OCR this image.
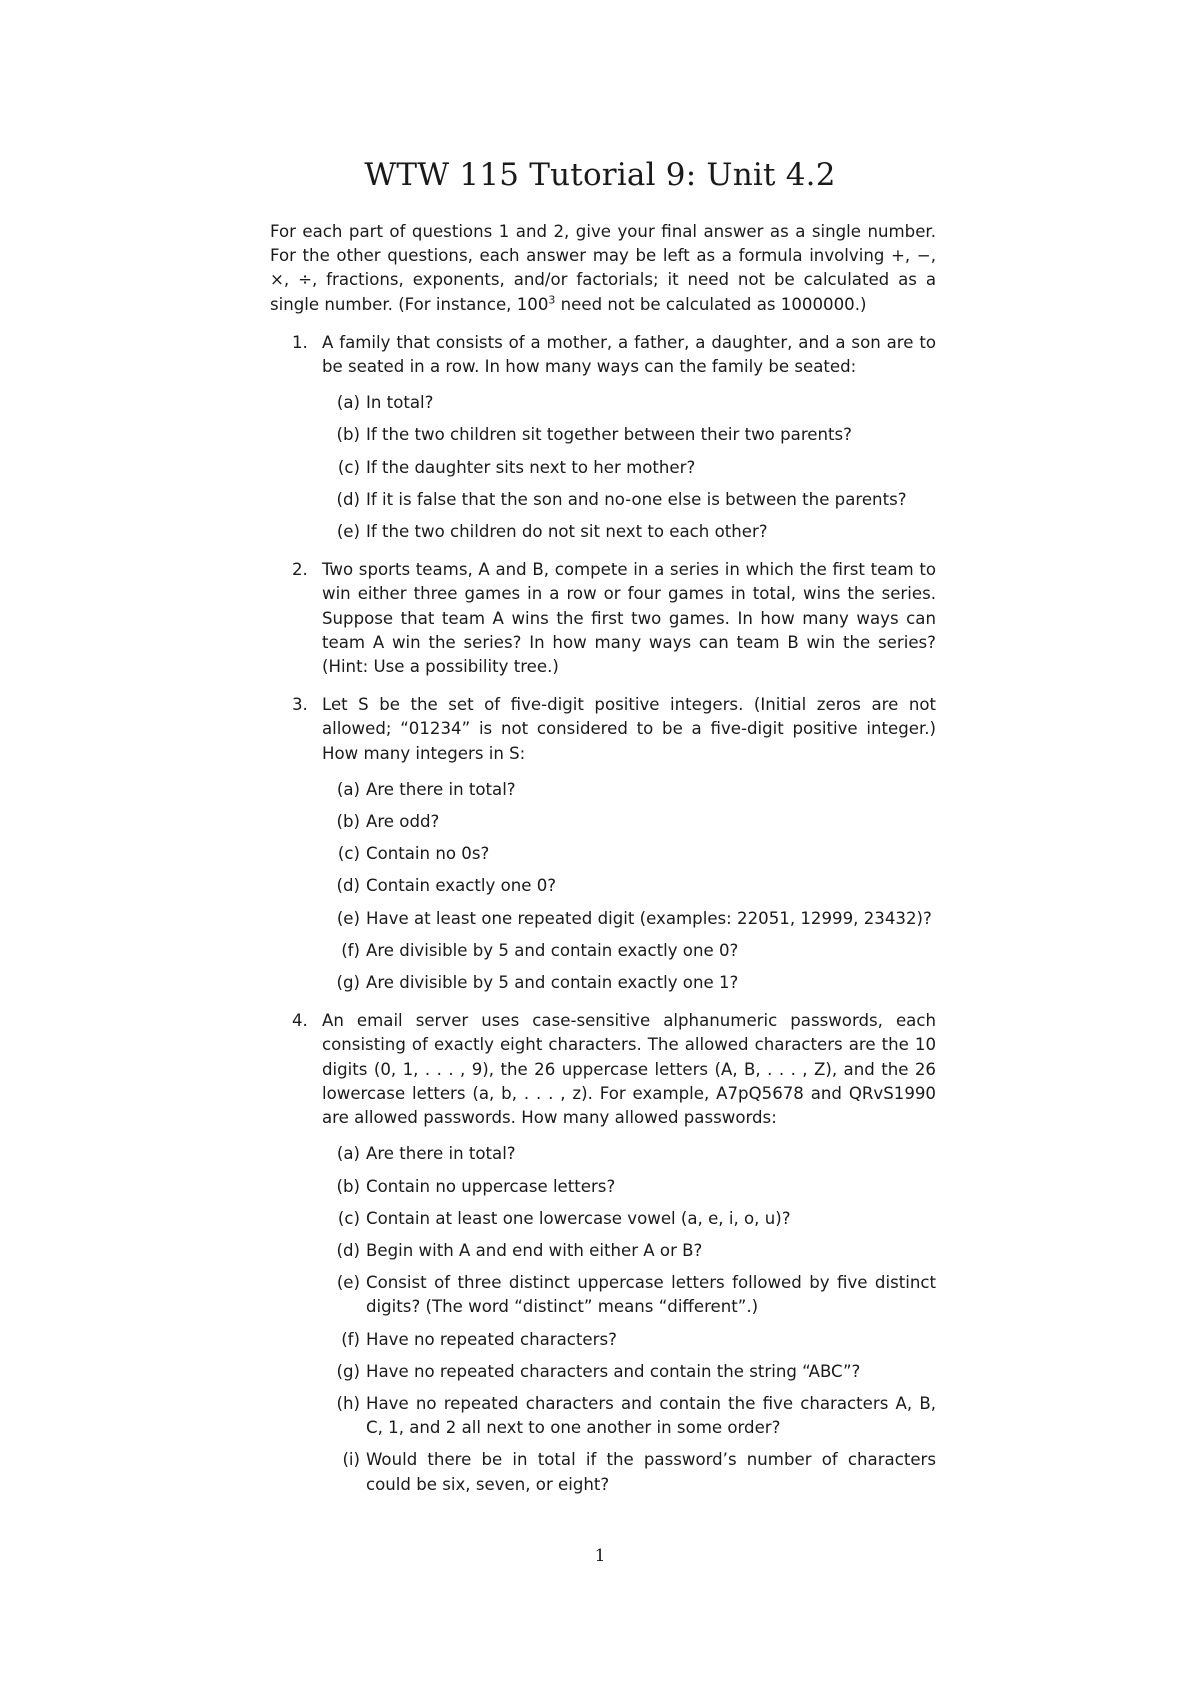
WTW 115 Tutorial 9: Unit 4.2

For each part of questions 1 and 2, give your final answer as a single number. For the other questions, each answer may be left as a formula involving +, −, ×, ÷, fractions, exponents, and/or factorials; it need not be calculated as a single number. (For instance, $100^3$ need not be calculated as 1000000.)

1. A family that consists of a mother, a father, a daughter, and a son are to be seated in a row. In how many ways can the family be seated:

(a) In total?
(b) If the two children sit together between their two parents?
(c) If the daughter sits next to her mother?
(d) If it is false that the son and no-one else is between the parents?
(e) If the two children do not sit next to each other?
2. Two sports teams, A and B, compete in a series in which the first team to win either three games in a row or four games in total, wins the series. Suppose that team A wins the first two games. In how many ways can team A win the series? In how many ways can team B win the series? (Hint: Use a possibility tree.)

3. Let S be the set of five-digit positive integers. (Initial zeros are not allowed; “01234” is not considered to be a five-digit positive integer.) How many integers in S:

(a) Are there in total?
(b) Are odd?
(c) Contain no 0s?
(d) Contain exactly one 0?
(e) Have at least one repeated digit (examples: 22051, 12999, 23432)?
(f) Are divisible by 5 and contain exactly one 0?
(g) Are divisible by 5 and contain exactly one 1?
4. An email server uses case-sensitive alphanumeric passwords, each consisting of exactly eight characters. The allowed characters are the 10 digits (0, 1, . . . , 9), the 26 uppercase letters (A, B, . . . , Z), and the 26 lowercase letters (a, b, . . . , z). For example, A7pQ5678 and QRvS1990 are allowed passwords. How many allowed passwords:

(a) Are there in total?
(b) Contain no uppercase letters?
(c) Contain at least one lowercase vowel (a, e, i, o, u)?
(d) Begin with A and end with either A or B?
(e) Consist of three distinct uppercase letters followed by five distinct digits? (The word “distinct” means “different”.)
(f) Have no repeated characters?
(g) Have no repeated characters and contain the string “ABC”?
(h) Have no repeated characters and contain the five characters A, B, C, 1, and 2 all next to one another in some order?
(i) Would there be in total if the password’s number of characters could be six, seven, or eight?
1
